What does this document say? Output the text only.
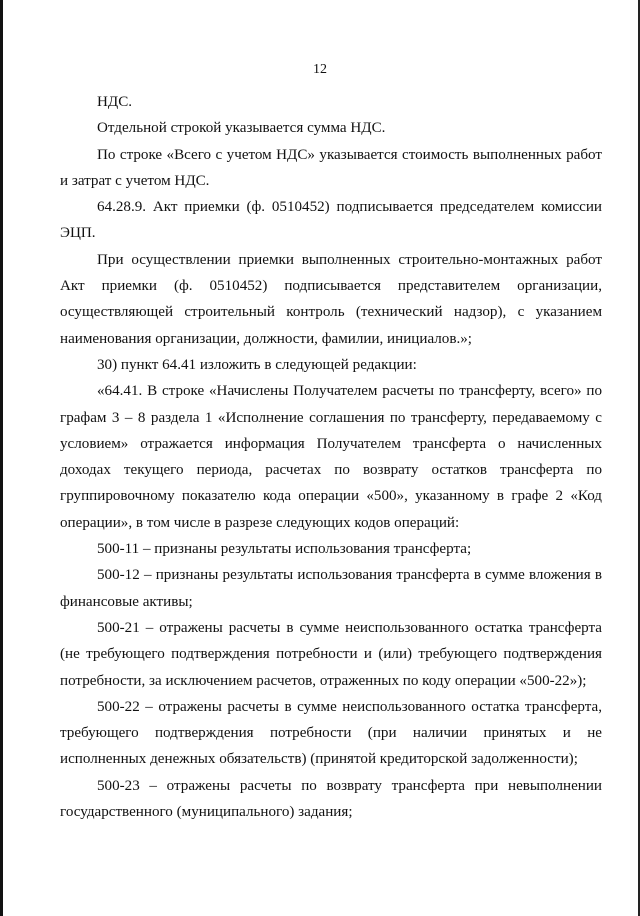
12

НДС.

Отдельной строкой указывается сумма НДС.

По строке «Всего с учетом НДС» указывается стоимость выполненных работ и затрат с учетом НДС.

64.28.9. Акт приемки (ф. 0510452) подписывается председателем комиссии ЭЦП.

При осуществлении приемки выполненных строительно-монтажных работ Акт приемки (ф. 0510452) подписывается представителем организации, осуществляющей строительный контроль (технический надзор), с указанием наименования организации, должности, фамилии, инициалов.»;

30) пункт 64.41 изложить в следующей редакции:

«64.41. В строке «Начислены Получателем расчеты по трансферту, всего» по графам 3 – 8 раздела 1 «Исполнение соглашения по трансферту, передаваемому с условием» отражается информация Получателем трансферта о начисленных доходах текущего периода, расчетах по возврату остатков трансферта по группировочному показателю кода операции «500», указанному в графе 2 «Код операции», в том числе в разрезе следующих кодов операций:

500-11 – признаны результаты использования трансферта;

500-12 – признаны результаты использования трансферта в сумме вложения в финансовые активы;

500-21 – отражены расчеты в сумме неиспользованного остатка трансферта (не требующего подтверждения потребности и (или) требующего подтверждения потребности, за исключением расчетов, отраженных по коду операции «500-22»);

500-22 – отражены расчеты в сумме неиспользованного остатка трансферта, требующего подтверждения потребности (при наличии принятых и не исполненных денежных обязательств) (принятой кредиторской задолженности);

500-23 – отражены расчеты по возврату трансферта при невыполнении государственного (муниципального) задания;
